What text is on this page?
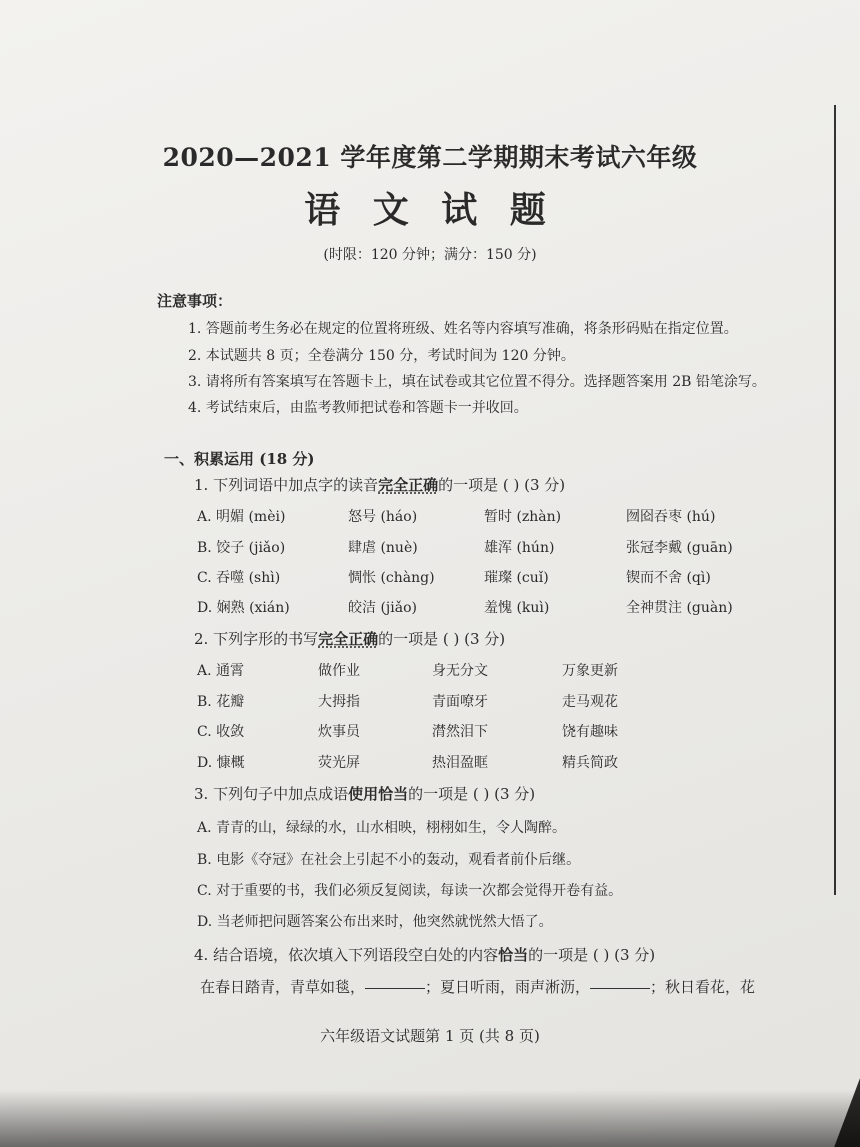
2020—2021 学年度第二学期期末考试六年级
语 文 试 题
(时限：120 分钟；满分：150 分)
注意事项：
1. 答题前考生务必在规定的位置将班级、姓名等内容填写准确，将条形码贴在指定位置。
2. 本试题共 8 页；全卷满分 150 分，考试时间为 120 分钟。
3. 请将所有答案填写在答题卡上，填在试卷或其它位置不得分。选择题答案用 2B 铅笔涂写。
4. 考试结束后，由监考教师把试卷和答题卡一并收回。
一、积累运用 (18 分)
1. 下列词语中加点字的读音完全正确的一项是 ( ) (3 分)
A. 明媚 (mèi)	怒号 (háo)	暂时 (zhàn)	囫囵吞枣 (hú)
B. 饺子 (jiǎo)	肆虐 (nuè)	雄浑 (hún)	张冠李戴 (guān)
C. 吞噬 (shì)	惆怅 (chàng)	璀璨 (cuǐ)	锲而不舍 (qì)
D. 娴熟 (xián)	皎洁 (jiǎo)	羞愧 (kuì)	全神贯注 (guàn)
2. 下列字形的书写完全正确的一项是 ( ) (3 分)
A. 通霄	做作业	身无分文	万象更新
B. 花瓣	大拇指	青面嘹牙	走马观花
C. 收敛	炊事员	潸然泪下	饶有趣味
D. 慷概	荧光屏	热泪盈眶	精兵简政
3. 下列句子中加点成语使用恰当的一项是 ( ) (3 分)
A. 青青的山，绿绿的水，山水相映，栩栩如生，令人陶醉。
B. 电影《夺冠》在社会上引起不小的轰动，观看者前仆后继。
C. 对于重要的书，我们必须反复阅读，每读一次都会觉得开卷有益。
D. 当老师把问题答案公布出来时，他突然就恍然大悟了。
4. 结合语境，依次填入下列语段空白处的内容恰当的一项是 ( ) (3 分)
在春日踏青，青草如毯，	；夏日听雨，雨声淅沥，	；秋日看花，花
六年级语文试题第 1 页 (共 8 页)
